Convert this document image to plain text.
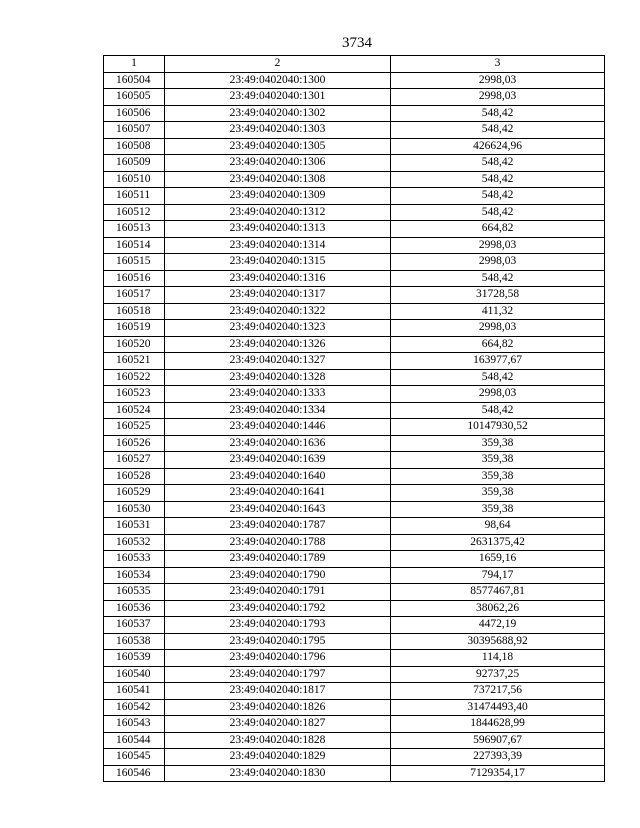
3734
1	2	3
160504	23:49:0402040:1300	2998,03
160505	23:49:0402040:1301	2998,03
160506	23:49:0402040:1302	548,42
160507	23:49:0402040:1303	548,42
160508	23:49:0402040:1305	426624,96
160509	23:49:0402040:1306	548,42
160510	23:49:0402040:1308	548,42
160511	23:49:0402040:1309	548,42
160512	23:49:0402040:1312	548,42
160513	23:49:0402040:1313	664,82
160514	23:49:0402040:1314	2998,03
160515	23:49:0402040:1315	2998,03
160516	23:49:0402040:1316	548,42
160517	23:49:0402040:1317	31728,58
160518	23:49:0402040:1322	411,32
160519	23:49:0402040:1323	2998,03
160520	23:49:0402040:1326	664,82
160521	23:49:0402040:1327	163977,67
160522	23:49:0402040:1328	548,42
160523	23:49:0402040:1333	2998,03
160524	23:49:0402040:1334	548,42
160525	23:49:0402040:1446	10147930,52
160526	23:49:0402040:1636	359,38
160527	23:49:0402040:1639	359,38
160528	23:49:0402040:1640	359,38
160529	23:49:0402040:1641	359,38
160530	23:49:0402040:1643	359,38
160531	23:49:0402040:1787	98,64
160532	23:49:0402040:1788	2631375,42
160533	23:49:0402040:1789	1659,16
160534	23:49:0402040:1790	794,17
160535	23:49:0402040:1791	8577467,81
160536	23:49:0402040:1792	38062,26
160537	23:49:0402040:1793	4472,19
160538	23:49:0402040:1795	30395688,92
160539	23:49:0402040:1796	114,18
160540	23:49:0402040:1797	92737,25
160541	23:49:0402040:1817	737217,56
160542	23:49:0402040:1826	31474493,40
160543	23:49:0402040:1827	1844628,99
160544	23:49:0402040:1828	596907,67
160545	23:49:0402040:1829	227393,39
160546	23:49:0402040:1830	7129354,17
